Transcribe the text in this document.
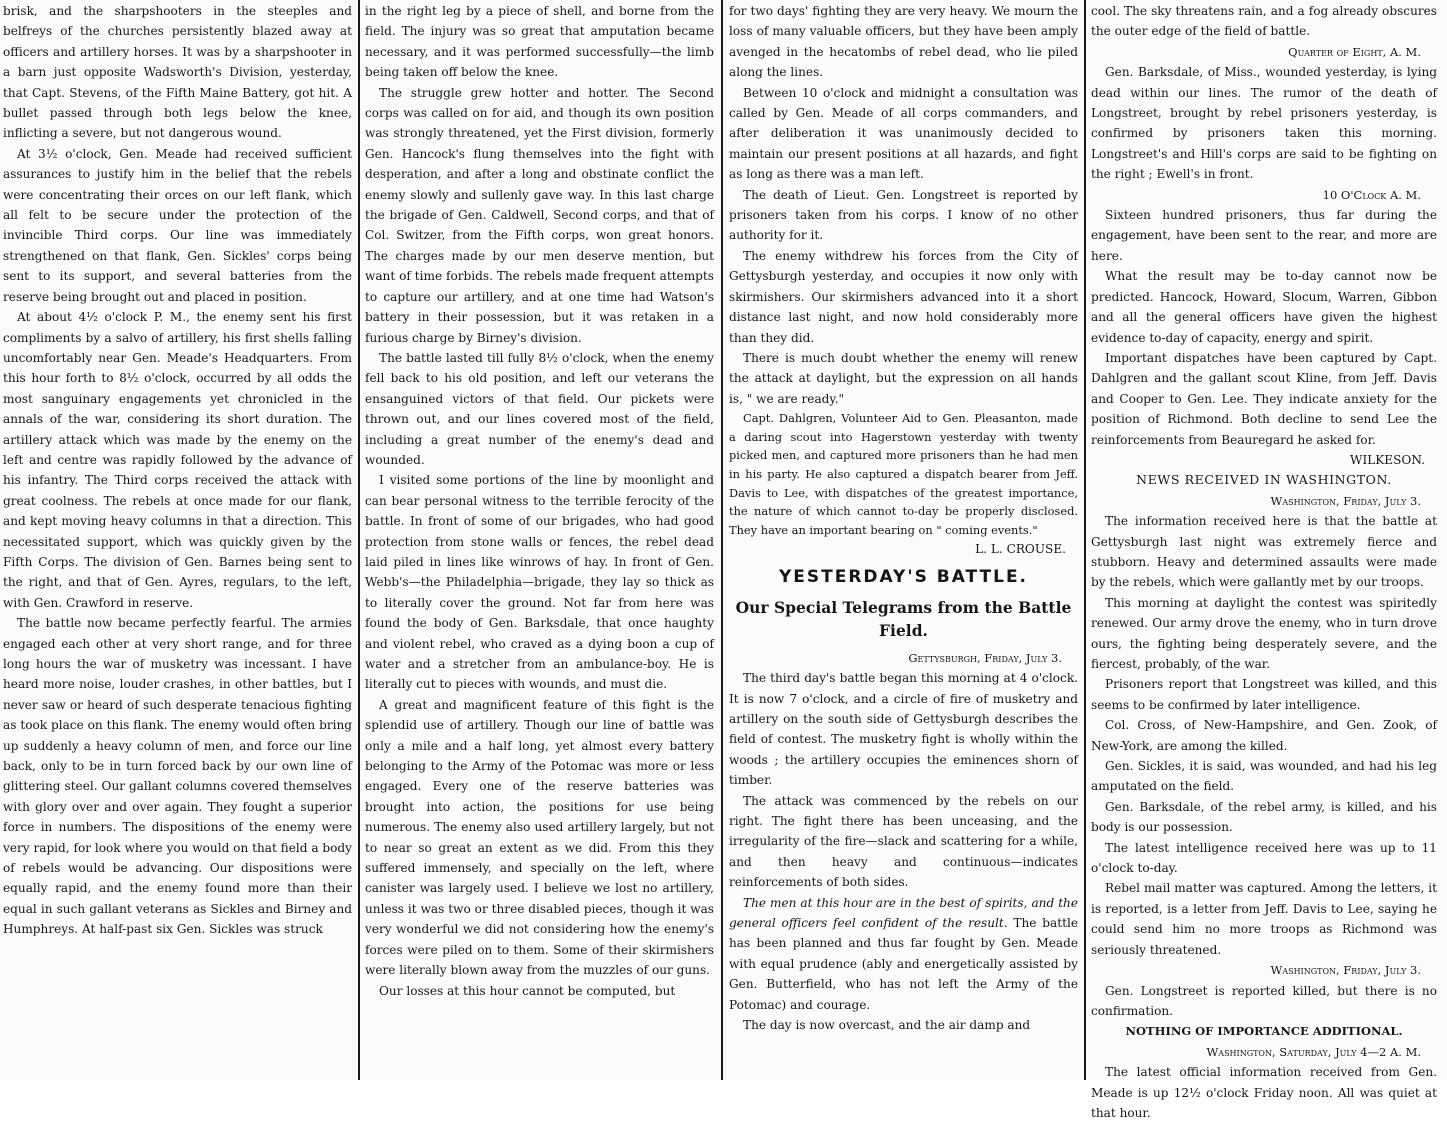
brisk, and the sharpshooters in the steeples and belfreys of the churches persistently blazed away at officers and artillery horses. It was by a sharpshooter in a barn just opposite Wadsworth's Division, yesterday, that Capt. Stevens, of the Fifth Maine Battery, got hit. A bullet passed through both legs below the knee, inflicting a severe, but not dangerous wound.

At 3½ o'clock, Gen. Meade had received sufficient assurances to justify him in the belief that the rebels were concentrating their orces on our left flank, which all felt to be secure under the protection of the invincible Third corps. Our line was immediately strengthened on that flank, Gen. Sickles' corps being sent to its support, and several batteries from the reserve being brought out and placed in position.

At about 4½ o'clock P. M., the enemy sent his first compliments by a salvo of artillery, his first shells falling uncomfortably near Gen. Meade's Headquarters. From this hour forth to 8½ o'clock, occurred by all odds the most sanguinary engagements yet chronicled in the annals of the war, considering its short duration. The artillery attack which was made by the enemy on the left and centre was rapidly followed by the advance of his infantry. The Third corps received the attack with great coolness. The rebels at once made for our flank, and kept moving heavy columns in that a direction. This necessitated support, which was quickly given by the Fifth Corps. The division of Gen. Barnes being sent to the right, and that of Gen. Ayres, regulars, to the left, with Gen. Crawford in reserve.

The battle now became perfectly fearful. The armies engaged each other at very short range, and for three long hours the war of musketry was incessant. I have heard more noise, louder crashes, in other battles, but I never saw or heard of such desperate tenacious fighting as took place on this flank. The enemy would often bring up suddenly a heavy column of men, and force our line back, only to be in turn forced back by our own line of glittering steel. Our gallant columns covered themselves with glory over and over again. They fought a superior force in numbers. The dispositions of the enemy were very rapid, for look where you would on that field a body of rebels would be advancing. Our dispositions were equally rapid, and the enemy found more than their equal in such gallant veterans as Sickles and Birney and Humphreys. At half-past six Gen. Sickles was struck

in the right leg by a piece of shell, and borne from the field. The injury was so great that amputation became necessary, and it was performed successfully—the limb being taken off below the knee.

The struggle grew hotter and hotter. The Second corps was called on for aid, and though its own position was strongly threatened, yet the First division, formerly Gen. Hancock's flung themselves into the fight with desperation, and after a long and obstinate conflict the enemy slowly and sullenly gave way. In this last charge the brigade of Gen. Caldwell, Second corps, and that of Col. Switzer, from the Fifth corps, won great honors. The charges made by our men deserve mention, but want of time forbids. The rebels made frequent attempts to capture our artillery, and at one time had Watson's battery in their possession, but it was retaken in a furious charge by Birney's division.

The battle lasted till fully 8½ o'clock, when the enemy fell back to his old position, and left our veterans the ensanguined victors of that field. Our pickets were thrown out, and our lines covered most of the field, including a great number of the enemy's dead and wounded.

I visited some portions of the line by moonlight and can bear personal witness to the terrible ferocity of the battle. In front of some of our brigades, who had good protection from stone walls or fences, the rebel dead laid piled in lines like winrows of hay. In front of Gen. Webb's—the Philadelphia—brigade, they lay so thick as to literally cover the ground. Not far from here was found the body of Gen. Barksdale, that once haughty and violent rebel, who craved as a dying boon a cup of water and a stretcher from an ambulance-boy. He is literally cut to pieces with wounds, and must die.

A great and magnificent feature of this fight is the splendid use of artillery. Though our line of battle was only a mile and a half long, yet almost every battery belonging to the Army of the Potomac was more or less engaged. Every one of the reserve batteries was brought into action, the positions for use being numerous. The enemy also used artillery largely, but not to near so great an extent as we did. From this they suffered immensely, and specially on the left, where canister was largely used. I believe we lost no artillery, unless it was two or three disabled pieces, though it was very wonderful we did not considering how the enemy's forces were piled on to them. Some of their skirmishers were literally blown away from the muzzles of our guns.

Our losses at this hour cannot be computed, but

for two days' fighting they are very heavy. We mourn the loss of many valuable officers, but they have been amply avenged in the hecatombs of rebel dead, who lie piled along the lines.

Between 10 o'clock and midnight a consultation was called by Gen. Meade of all corps commanders, and after deliberation it was unanimously decided to maintain our present positions at all hazards, and fight as long as there was a man left.

The death of Lieut. Gen. Longstreet is reported by prisoners taken from his corps. I know of no other authority for it.

The enemy withdrew his forces from the City of Gettysburgh yesterday, and occupies it now only with skirmishers. Our skirmishers advanced into it a short distance last night, and now hold considerably more than they did.

There is much doubt whether the enemy will renew the attack at daylight, but the expression on all hands is, " we are ready."

Capt. Dahlgren, Volunteer Aid to Gen. Pleasanton, made a daring scout into Hagerstown yesterday with twenty picked men, and captured more prisoners than he had men in his party. He also captured a dispatch bearer from Jeff. Davis to Lee, with dispatches of the greatest importance, the nature of which cannot to-day be properly disclosed. They have an important bearing on " coming events."

L. L. CROUSE.

YESTERDAY'S BATTLE.
Our Special Telegrams from the Battle Field.

Gettysburgh, Friday, July 3.

The third day's battle began this morning at 4 o'clock. It is now 7 o'clock, and a circle of fire of musketry and artillery on the south side of Gettysburgh describes the field of contest. The musketry fight is wholly within the woods ; the artillery occupies the eminences shorn of timber.

The attack was commenced by the rebels on our right. The fight there has been unceasing, and the irregularity of the fire—slack and scattering for a while, and then heavy and continuous—indicates reinforcements of both sides.

The men at this hour are in the best of spirits, and the general officers feel confident of the result. The battle has been planned and thus far fought by Gen. Meade with equal prudence (ably and energetically assisted by Gen. Butterfield, who has not left the Army of the Potomac) and courage.

The day is now overcast, and the air damp and

cool. The sky threatens rain, and a fog already obscures the outer edge of the field of battle.

Quarter of Eight, A. M.

Gen. Barksdale, of Miss., wounded yesterday, is lying dead within our lines. The rumor of the death of Longstreet, brought by rebel prisoners yesterday, is confirmed by prisoners taken this morning. Longstreet's and Hill's corps are said to be fighting on the right ; Ewell's in front.

10 O'Clock A. M.

Sixteen hundred prisoners, thus far during the engagement, have been sent to the rear, and more are here.

What the result may be to-day cannot now be predicted. Hancock, Howard, Slocum, Warren, Gibbon and all the general officers have given the highest evidence to-day of capacity, energy and spirit.

Important dispatches have been captured by Capt. Dahlgren and the gallant scout Kline, from Jeff. Davis and Cooper to Gen. Lee. They indicate anxiety for the position of Richmond. Both decline to send Lee the reinforcements from Beauregard he asked for.

WILKESON.

NEWS RECEIVED IN WASHINGTON.

Washington, Friday, July 3.

The information received here is that the battle at Gettysburgh last night was extremely fierce and stubborn. Heavy and determined assaults were made by the rebels, which were gallantly met by our troops.

This morning at daylight the contest was spiritedly renewed. Our army drove the enemy, who in turn drove ours, the fighting being desperately severe, and the fiercest, probably, of the war.

Prisoners report that Longstreet was killed, and this seems to be confirmed by later intelligence.

Col. Cross, of New-Hampshire, and Gen. Zook, of New-York, are among the killed.

Gen. Sickles, it is said, was wounded, and had his leg amputated on the field.

Gen. Barksdale, of the rebel army, is killed, and his body is our possession.

The latest intelligence received here was up to 11 o'clock to-day.

Rebel mail matter was captured. Among the letters, it is reported, is a letter from Jeff. Davis to Lee, saying he could send him no more troops as Richmond was seriously threatened.

Washington, Friday, July 3.

Gen. Longstreet is reported killed, but there is no confirmation.

NOTHING OF IMPORTANCE ADDITIONAL.

Washington, Saturday, July 4—2 A. M.

The latest official information received from Gen. Meade is up 12½ o'clock Friday noon. All was quiet at that hour.
